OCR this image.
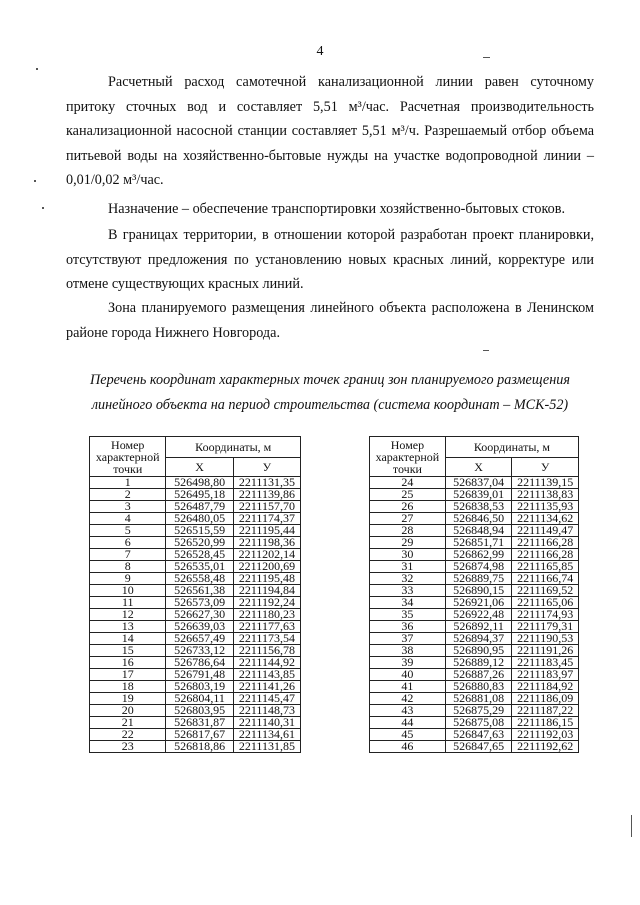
4

Расчетный расход самотечной канализационной линии равен суточному притоку сточных вод и составляет 5,51 м³/час. Расчетная производительность канализационной насосной станции составляет 5,51 м³/ч. Разрешаемый отбор объема питьевой воды на хозяйственно-бытовые нужды на участке водопроводной линии – 0,01/0,02 м³/час.

Назначение – обеспечение транспортировки хозяйственно-бытовых стоков.

В границах территории, в отношении которой разработан проект планировки, отсутствуют предложения по установлению новых красных линий, корректуре или отмене существующих красных линий.

Зона планируемого размещения линейного объекта расположена в Ленинском районе города Нижнего Новгорода.

Перечень координат характерных точек границ зон планируемого размещения линейного объекта на период строительства (система координат – МСК-52)
Номер характерной точки	Координаты, м	
	X	У
1	526498,80	2211131,35
2	526495,18	2211139,86
3	526487,79	2211157,70
4	526480,05	2211174,37
5	526515,59	2211195,44
6	526520,99	2211198,36
7	526528,45	2211202,14
8	526535,01	2211200,69
9	526558,48	2211195,48
10	526561,38	2211194,84
11	526573,09	2211192,24
12	526627,30	2211180,23
13	526639,03	2211177,63
14	526657,49	2211173,54
15	526733,12	2211156,78
16	526786,64	2211144,92
17	526791,48	2211143,85
18	526803,19	2211141,26
19	526804,11	2211145,47
20	526803,95	2211148,73
21	526831,87	2211140,31
22	526817,67	2211134,61
23	526818,86	2211131,85
Номер характерной точки	Координаты, м	
	X	У
24	526837,04	2211139,15
25	526839,01	2211138,83
26	526838,53	2211135,93
27	526846,50	2211134,62
28	526848,94	2211149,47
29	526851,71	2211166,28
30	526862,99	2211166,28
31	526874,98	2211165,85
32	526889,75	2211166,74
33	526890,15	2211169,52
34	526921,06	2211165,06
35	526922,48	2211174,93
36	526892,11	2211179,31
37	526894,37	2211190,53
38	526890,95	2211191,26
39	526889,12	2211183,45
40	526887,26	2211183,97
41	526880,83	2211184,92
42	526881,08	2211186,09
43	526875,29	2211187,22
44	526875,08	2211186,15
45	526847,63	2211192,03
46	526847,65	2211192,62
